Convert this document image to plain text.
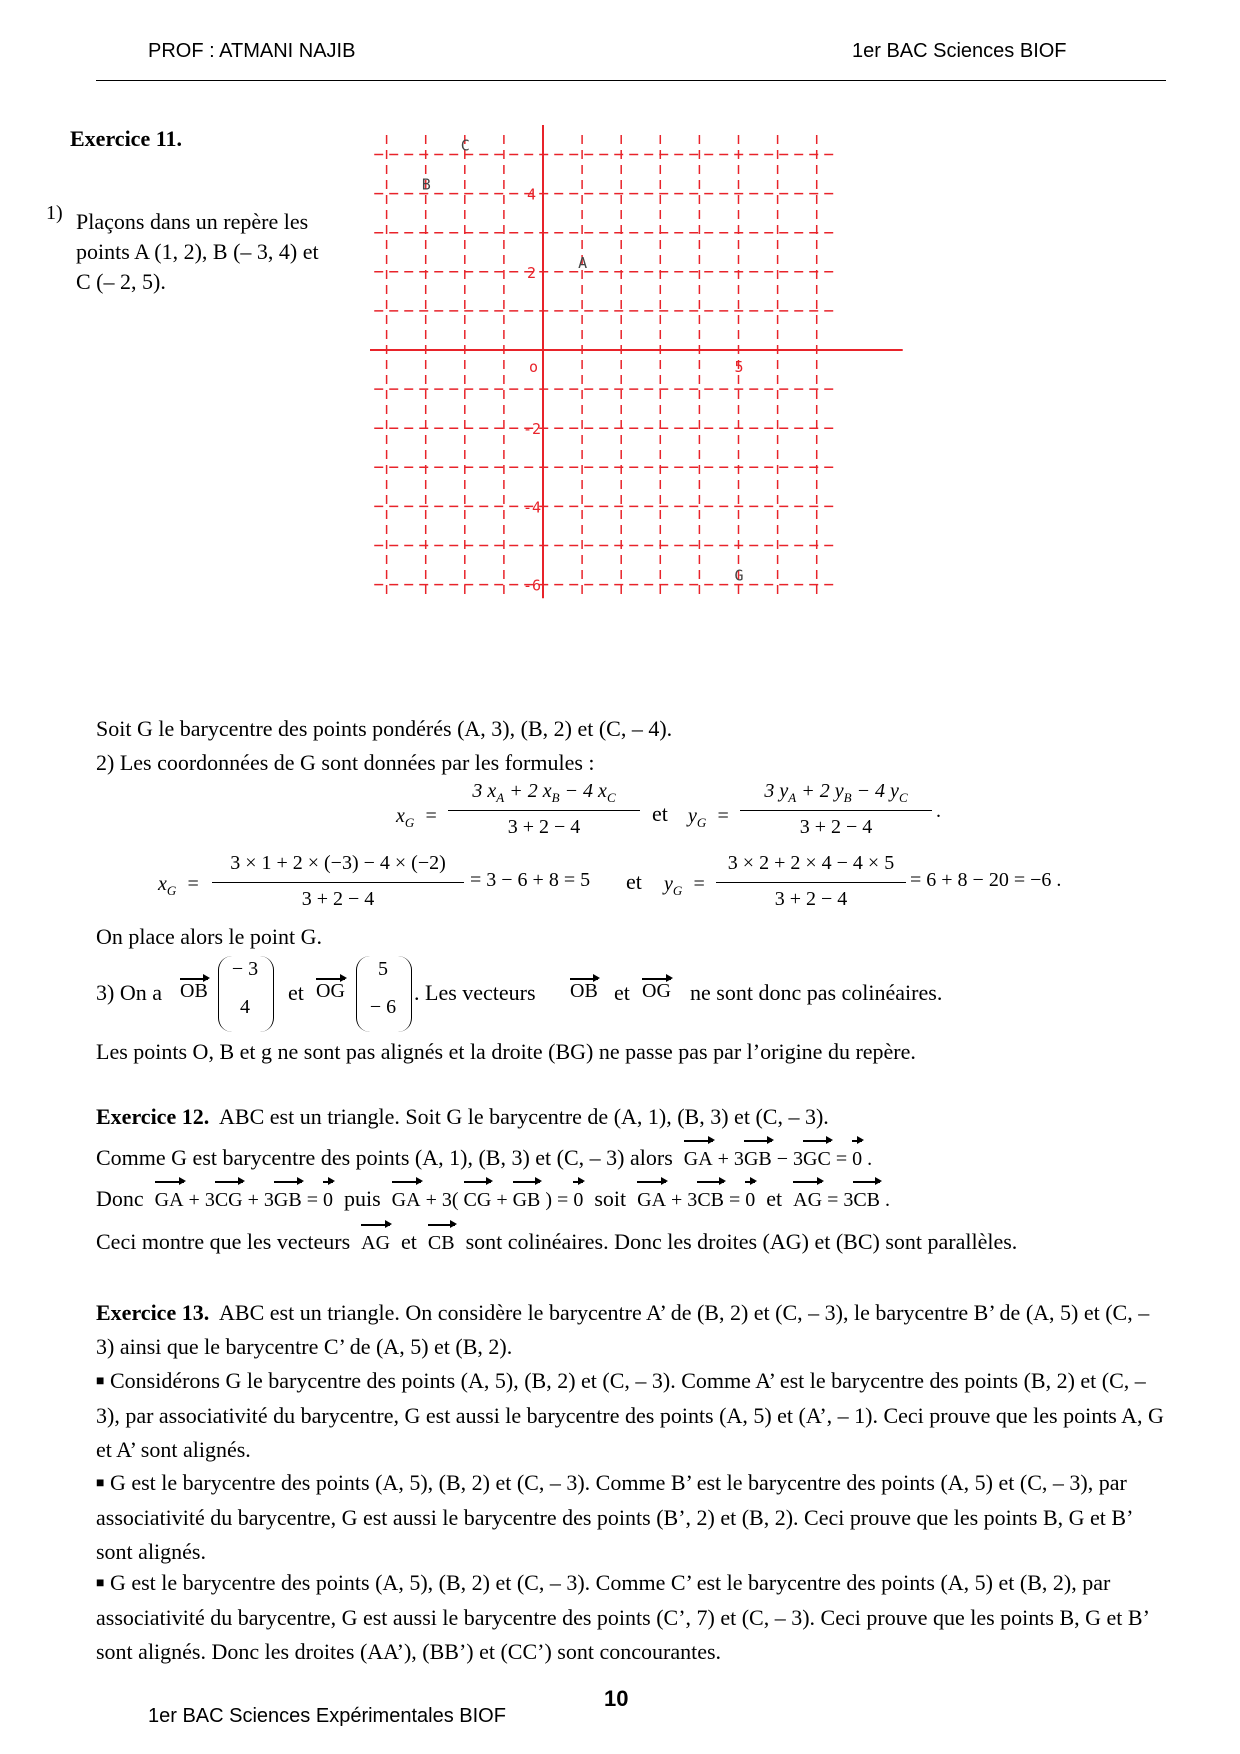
PROF : ATMANI NAJIB	1er BAC Sciences BIOF
Exercice 11.
1) Plaçons dans un repère les
points A (1, 2), B (– 3, 4) et
C (– 2, 5).
4
2
-2
-4
-6
5
o
A
B
C
G
Soit G le barycentre des points pondérés (A, 3), (B, 2) et (C, – 4).
2) Les coordonnées de G sont données par les formules :
$x_G$  =
3 $x_A + 2$ $x_B - 4$ $x_C$
3 + 2 − 4
et $y_G$  =
3 $y_A + 2$ $y_B - 4$ $y_C$
3 + 2 − 4
.
$x_G$  =
3 × 1 + 2 × (−3) − 4 × (−2)
3 + 2 − 4
= 3 − 6 + 8 = 5 et $y_G$  =
3 × 2 + 2 × 4 − 4 × 5
3 + 2 − 4
= 6 + 8 − 20 = −6 .
On place alors le point G.
3) On a OB
− 3
4
et OG
5
− 6
. Les vecteurs OB et OG ne sont donc pas colinéaires.
Les points O, B et g ne sont pas alignés et la droite (BG) ne passe pas par l’origine du repère.
Exercice 12. ABC est un triangle. Soit G le barycentre de (A, 1), (B, 3) et (C, – 3).
Comme G est barycentre des points (A, 1), (B, 3) et (C, – 3) alors GA + 3GB − 3GC = 0 .
Donc GA + 3CG + 3GB = 0 puis GA + 3( CG + GB ) = 0 soit GA + 3CB = 0 et AG = 3CB .
Ceci montre que les vecteurs AG  et  CB sont colinéaires. Donc les droites (AG) et (BC) sont parallèles.
Exercice 13. ABC est un triangle. On considère le barycentre A’ de (B, 2) et (C, – 3), le barycentre B’ de (A, 5) et (C, – 3) ainsi que le barycentre C’ de (A, 5) et (B, 2).
■ Considérons G le barycentre des points (A, 5), (B, 2) et (C, – 3). Comme A’ est le barycentre des points (B, 2) et (C, – 3), par associativité du barycentre, G est aussi le barycentre des points (A, 5) et (A’, – 1). Ceci prouve que les points A, G et A’ sont alignés.
■ G est le barycentre des points (A, 5), (B, 2) et (C, – 3). Comme B’ est le barycentre des points (A, 5) et (C, – 3), par associativité du barycentre, G est aussi le barycentre des points (B’, 2) et (B, 2). Ceci prouve que les points B, G et B’ sont alignés.
■ G est le barycentre des points (A, 5), (B, 2) et (C, – 3). Comme C’ est le barycentre des points (A, 5) et (B, 2), par associativité du barycentre, G est aussi le barycentre des points (C’, 7) et (C, – 3). Ceci prouve que les points B, G et B’ sont alignés. Donc les droites (AA’), (BB’) et (CC’) sont concourantes.
1er BAC Sciences Expérimentales BIOF
10
